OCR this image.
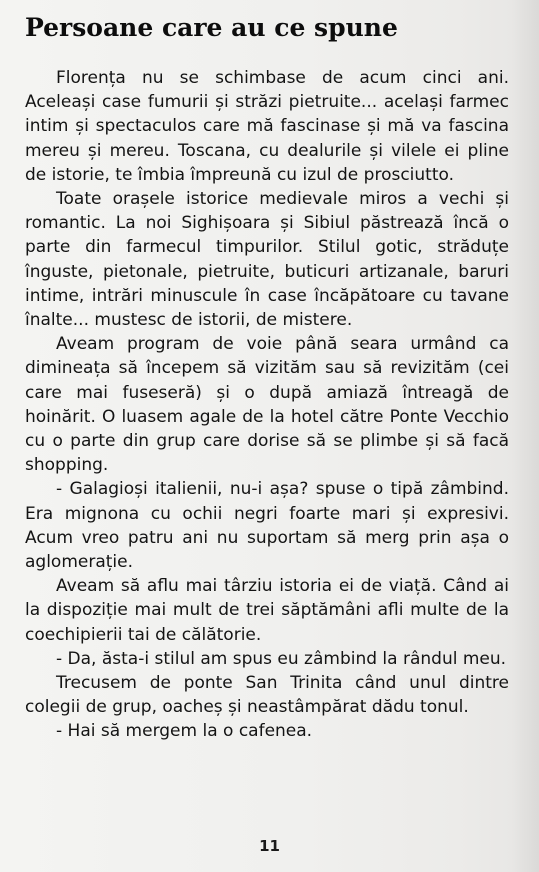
Persoane care au ce spune

Florența nu se schimbase de acum cinci ani. Aceleași case fumurii și străzi pietruite... același farmec intim și spectaculos care mă fascinase și mă va fascina mereu și mereu. Toscana, cu dealurile și vilele ei pline de istorie, te îmbia împreună cu izul de prosciutto.

Toate orașele istorice medievale miros a vechi și romantic. La noi Sighișoara și Sibiul păstrează încă o parte din farmecul timpurilor. Stilul gotic, străduțe înguste, pietonale, pietruite, buticuri artizanale, baruri intime, intrări minuscule în case încăpătoare cu tavane înalte... mustesc de istorii, de mistere.

Aveam program de voie până seara urmând ca dimineața să începem să vizităm sau să revizităm (cei care mai fuseseră) și o după amiază întreagă de hoinărit. O luasem agale de la hotel către Ponte Vecchio cu o parte din grup care dorise să se plimbe și să facă shopping.

- Galagioși italienii, nu-i așa? spuse o tipă zâmbind. Era mignona cu ochii negri foarte mari și expresivi. Acum vreo patru ani nu suportam să merg prin așa o aglomerație.

Aveam să aflu mai târziu istoria ei de viață. Când ai la dispoziție mai mult de trei săptămâni afli multe de la coechipierii tai de călătorie.

- Da, ăsta-i stilul am spus eu zâmbind la rândul meu.

Trecusem de ponte San Trinita când unul dintre colegii de grup, oacheș și neastâmpărat dădu tonul.

- Hai să mergem la o cafenea.

11
